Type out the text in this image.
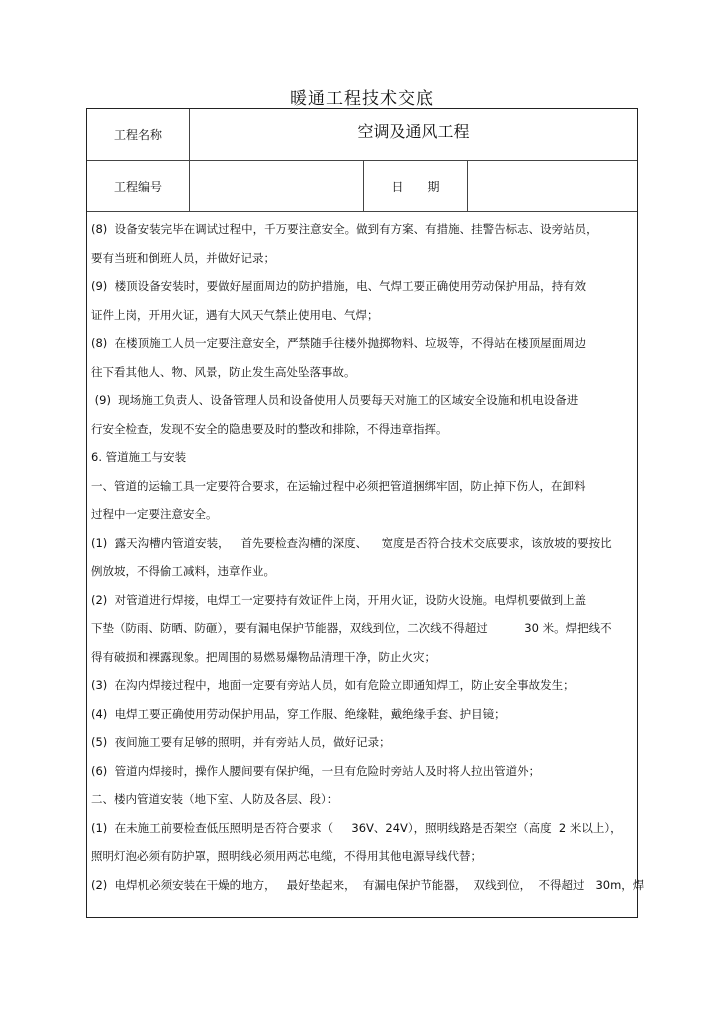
暖通工程技术交底
工程名称	空调及通风工程
工程编号	日　　期
(8)  设备安装完毕在调试过程中，千万要注意安全。做到有方案、有措施、挂警告标志、设旁站员，
要有当班和倒班人员，并做好记录；
(9)  楼顶设备安装时，要做好屋面周边的防护措施，电、气焊工要正确使用劳动保护用品，持有效
证件上岗，开用火证，遇有大风天气禁止使用电、气焊；
(8)  在楼顶施工人员一定要注意安全，严禁随手往楼外抛掷物料、垃圾等，不得站在楼顶屋面周边
往下看其他人、物、风景，防止发生高处坠落事故。
(9)  现场施工负责人、设备管理人员和设备使用人员要每天对施工的区域安全设施和机电设备进
行安全检查，发现不安全的隐患要及时的整改和排除，不得违章指挥。
6. 管道施工与安装
一、管道的运输工具一定要符合要求，在运输过程中必须把管道捆绑牢固，防止掉下伤人，在卸料
过程中一定要注意安全。
(1)  露天沟槽内管道安装，   首先要检查沟槽的深度、    宽度是否符合技术交底要求，该放坡的要按比
例放坡，不得偷工减料，违章作业。
(2)  对管道进行焊接，电焊工一定要持有效证件上岗，开用火证，设防火设施。电焊机要做到上盖
下垫（防雨、防晒、防砸），要有漏电保护节能器，双线到位，二次线不得超过          30 米。焊把线不
得有破损和裸露现象。把周围的易燃易爆物品清理干净，防止火灾；
(3)  在沟内焊接过程中，地面一定要有旁站人员，如有危险立即通知焊工，防止安全事故发生；
(4)  电焊工要正确使用劳动保护用品，穿工作服、绝缘鞋，戴绝缘手套、护目镜；
(5)  夜间施工要有足够的照明，并有旁站人员，做好记录；
(6)  管道内焊接时，操作人腰间要有保护绳，一旦有危险时旁站人及时将人拉出管道外；
二、楼内管道安装（地下室、人防及各层、段）：
(1)  在未施工前要检查低压照明是否符合要求（     36V、24V），照明线路是否架空（高度  2 米以上），
照明灯泡必须有防护罩，照明线必须用两芯电缆，不得用其他电源导线代替；
(2)  电焊机必须安装在干燥的地方，   最好垫起来，  有漏电保护节能器，  双线到位，  不得超过   30m，焊
